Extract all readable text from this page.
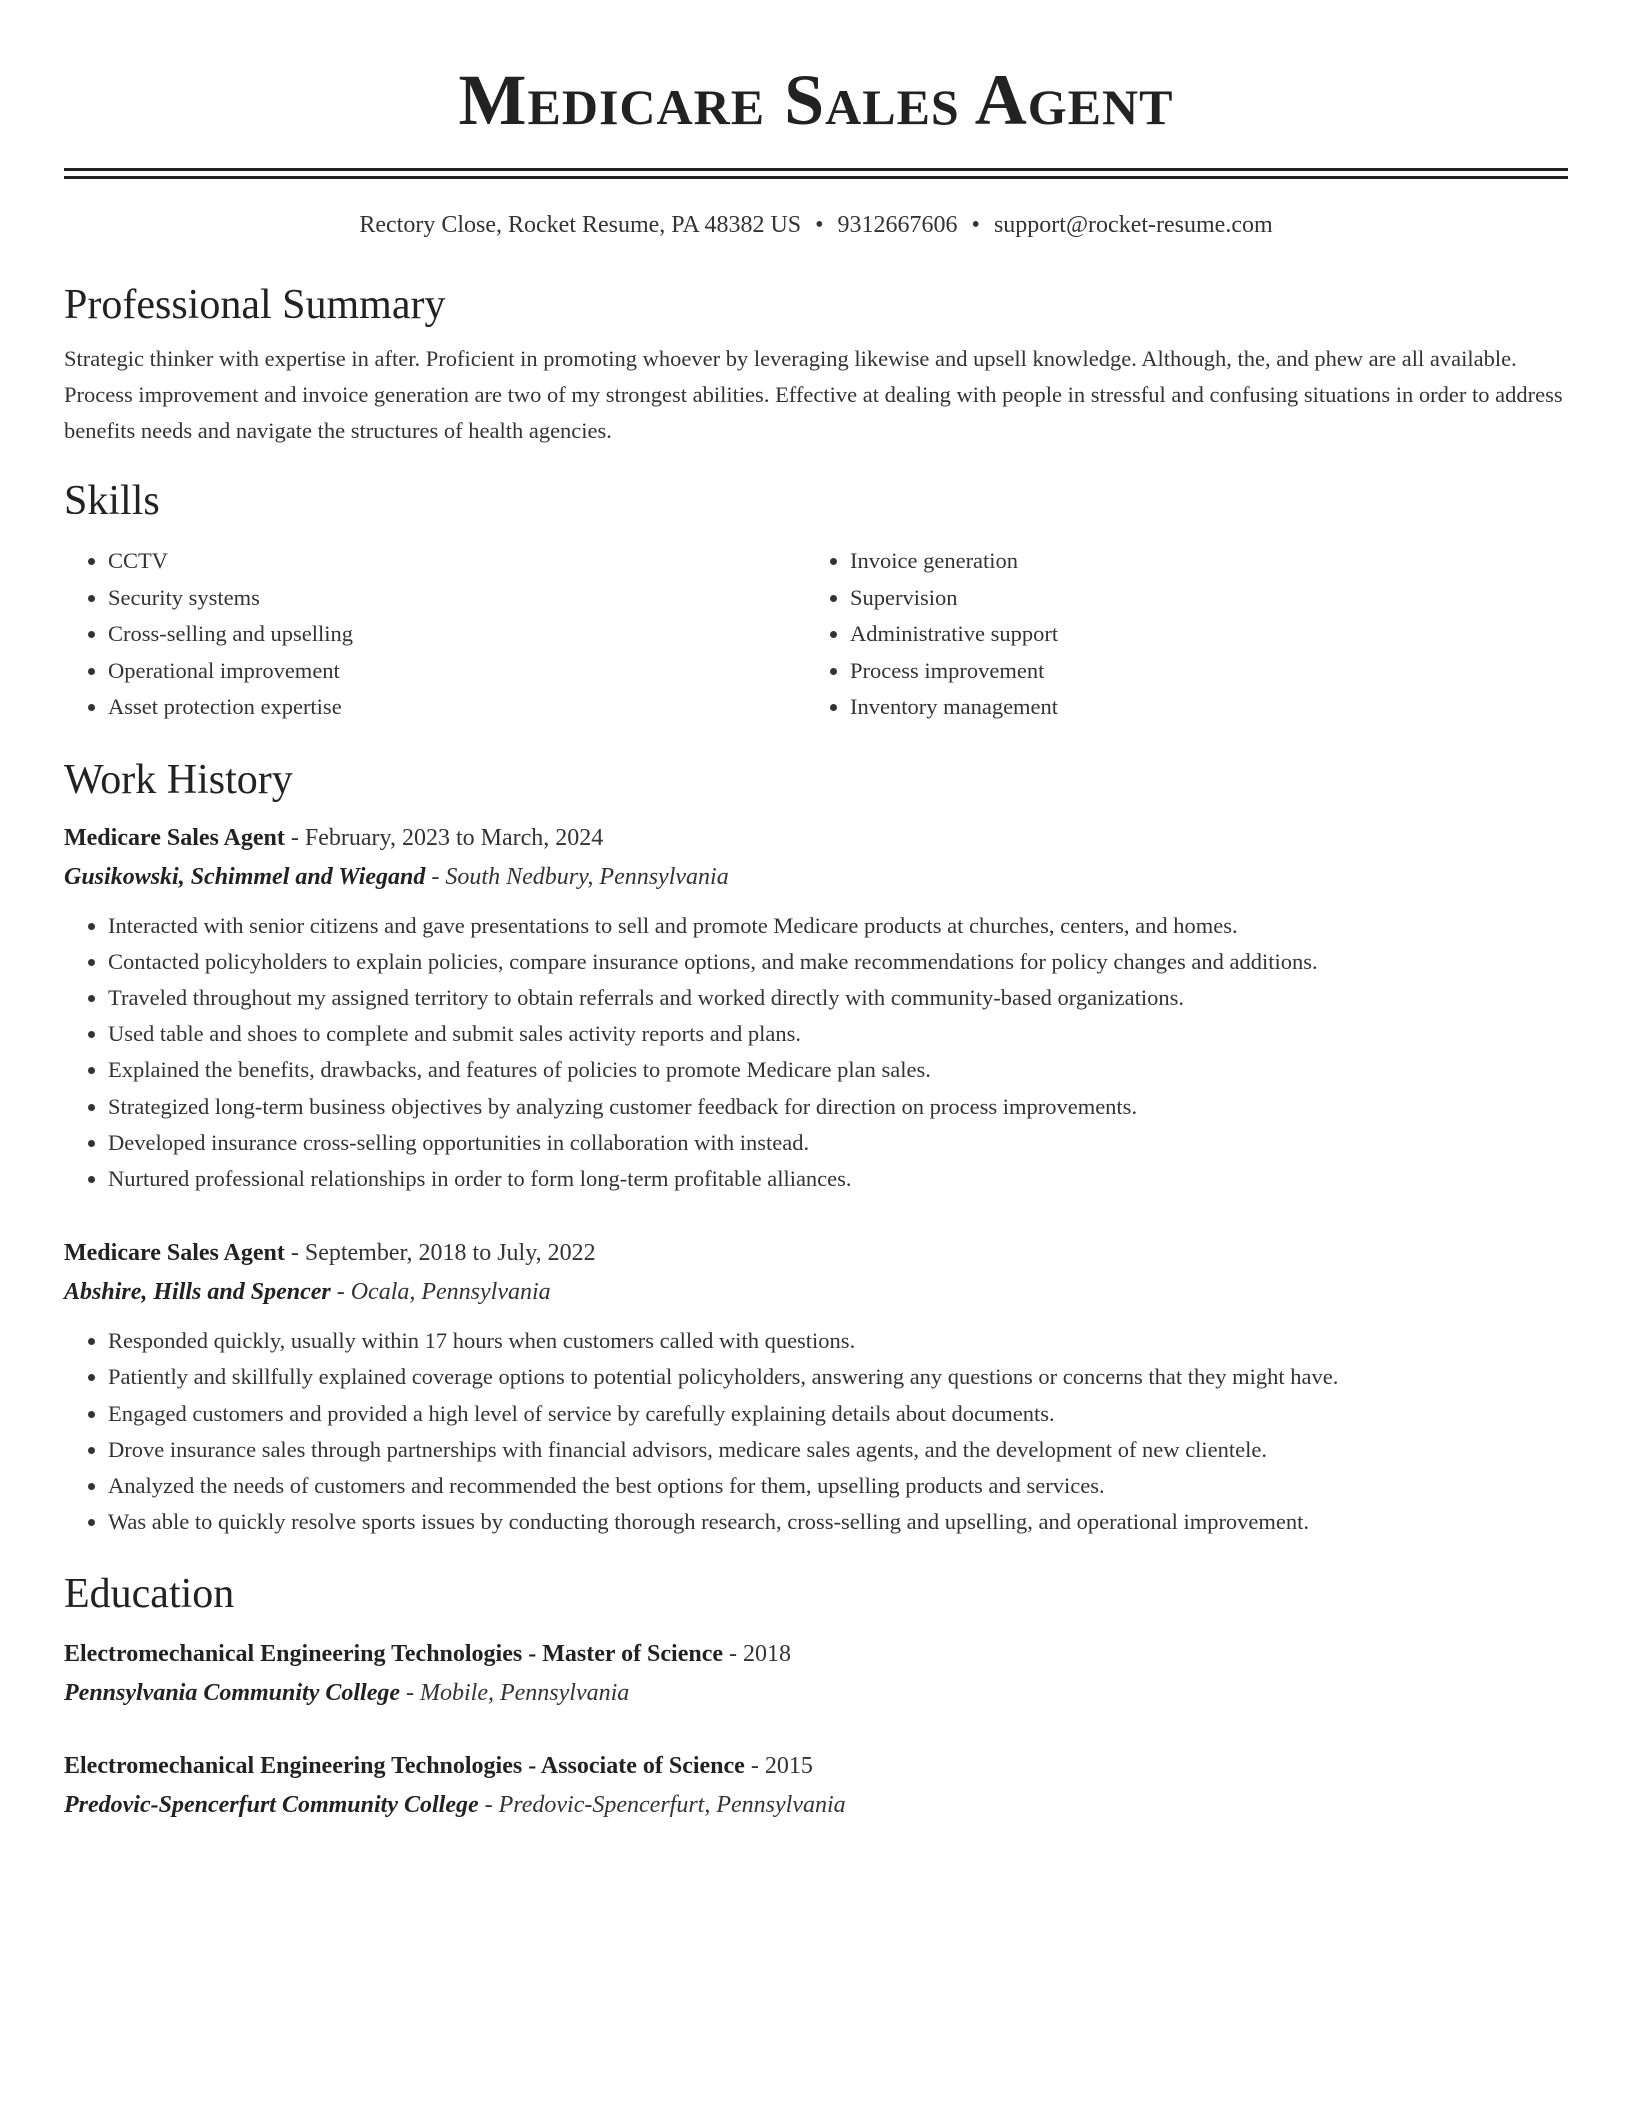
Medicare Sales Agent
Rectory Close, Rocket Resume, PA 48382 US • 9312667606 • support@rocket-resume.com
Professional Summary
Strategic thinker with expertise in after. Proficient in promoting whoever by leveraging likewise and upsell knowledge. Although, the, and phew are all available. Process improvement and invoice generation are two of my strongest abilities. Effective at dealing with people in stressful and confusing situations in order to address benefits needs and navigate the structures of health agencies.
Skills
• CCTV
• Security systems
• Cross-selling and upselling
• Operational improvement
• Asset protection expertise
• Invoice generation
• Supervision
• Administrative support
• Process improvement
• Inventory management
Work History
Medicare Sales Agent - February, 2023 to March, 2024
Gusikowski, Schimmel and Wiegand - South Nedbury, Pennsylvania
• Interacted with senior citizens and gave presentations to sell and promote Medicare products at churches, centers, and homes.
• Contacted policyholders to explain policies, compare insurance options, and make recommendations for policy changes and additions.
• Traveled throughout my assigned territory to obtain referrals and worked directly with community-based organizations.
• Used table and shoes to complete and submit sales activity reports and plans.
• Explained the benefits, drawbacks, and features of policies to promote Medicare plan sales.
• Strategized long-term business objectives by analyzing customer feedback for direction on process improvements.
• Developed insurance cross-selling opportunities in collaboration with instead.
• Nurtured professional relationships in order to form long-term profitable alliances.
Medicare Sales Agent - September, 2018 to July, 2022
Abshire, Hills and Spencer - Ocala, Pennsylvania
• Responded quickly, usually within 17 hours when customers called with questions.
• Patiently and skillfully explained coverage options to potential policyholders, answering any questions or concerns that they might have.
• Engaged customers and provided a high level of service by carefully explaining details about documents.
• Drove insurance sales through partnerships with financial advisors, medicare sales agents, and the development of new clientele.
• Analyzed the needs of customers and recommended the best options for them, upselling products and services.
• Was able to quickly resolve sports issues by conducting thorough research, cross-selling and upselling, and operational improvement.
Education
Electromechanical Engineering Technologies - Master of Science - 2018
Pennsylvania Community College - Mobile, Pennsylvania
Electromechanical Engineering Technologies - Associate of Science - 2015
Predovic-Spencerfurt Community College - Predovic-Spencerfurt, Pennsylvania
